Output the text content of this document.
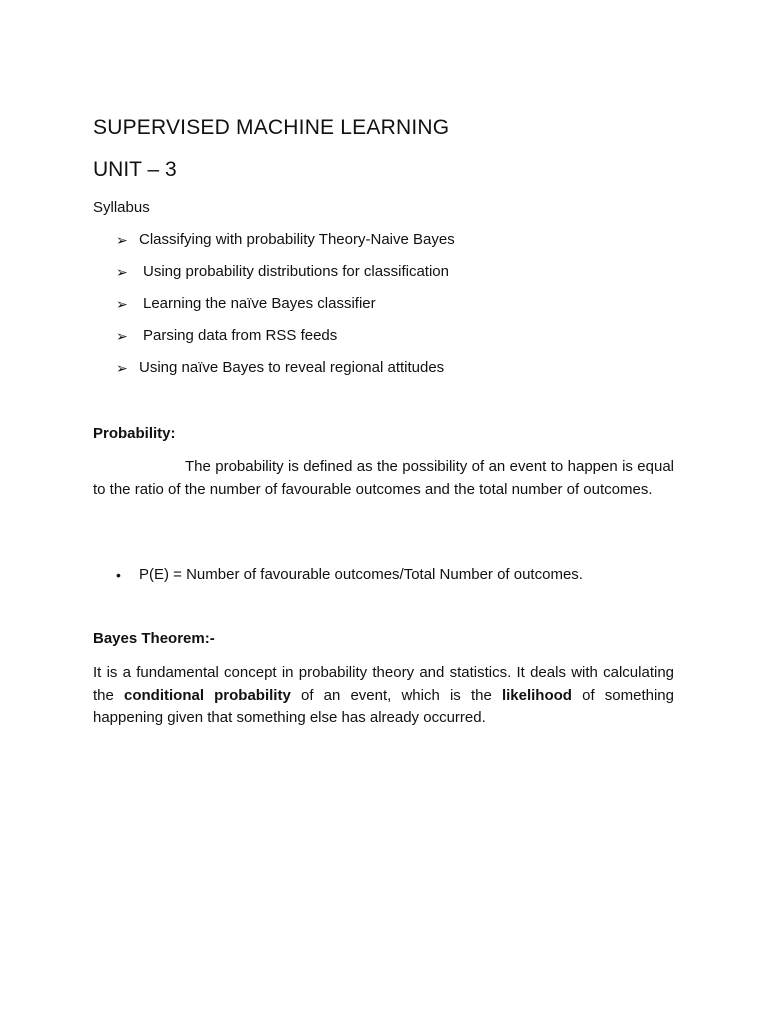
SUPERVISED MACHINE LEARNING
UNIT – 3

Syllabus

➢ Classifying with probability Theory-Naive Bayes
➢	Using probability distributions for classification
➢	Learning the naïve Bayes classifier
➢	Parsing data from RSS feeds
➢ Using naïve Bayes to reveal regional attitudes

Probability:

The probability is defined as the possibility of an event to happen is equal to the ratio of the number of favourable outcomes and the total number of outcomes.

•	P(E) = Number of favourable outcomes/Total Number of outcomes.

Bayes Theorem:-

It is a fundamental concept in probability theory and statistics. It deals with calculating the conditional probability of an event, which is the likelihood of something happening given that something else has already occurred.
